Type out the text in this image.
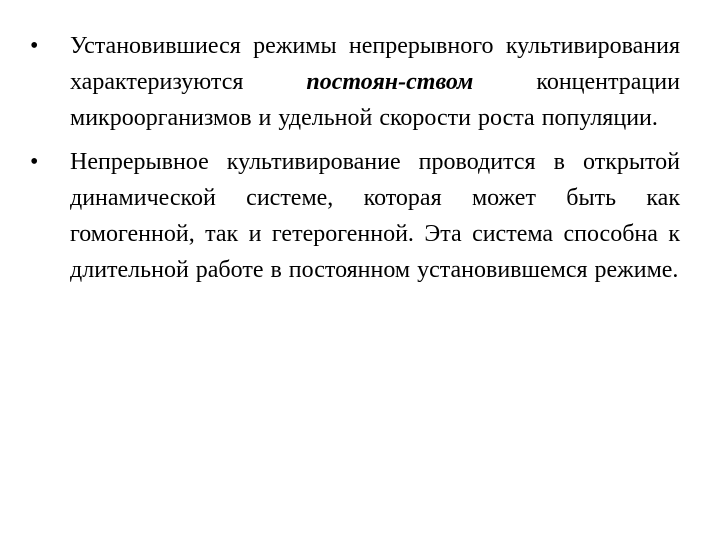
•	Установившиеся режимы непрерывного культивирования характеризуются постоян-ством концентрации микроорганизмов и удельной скорости роста популяции.
•	Непрерывное культивирование проводится в открытой динамической системе, которая может быть как гомогенной, так и гетерогенной. Эта система способна к длительной работе в постоянном установившемся режиме.
